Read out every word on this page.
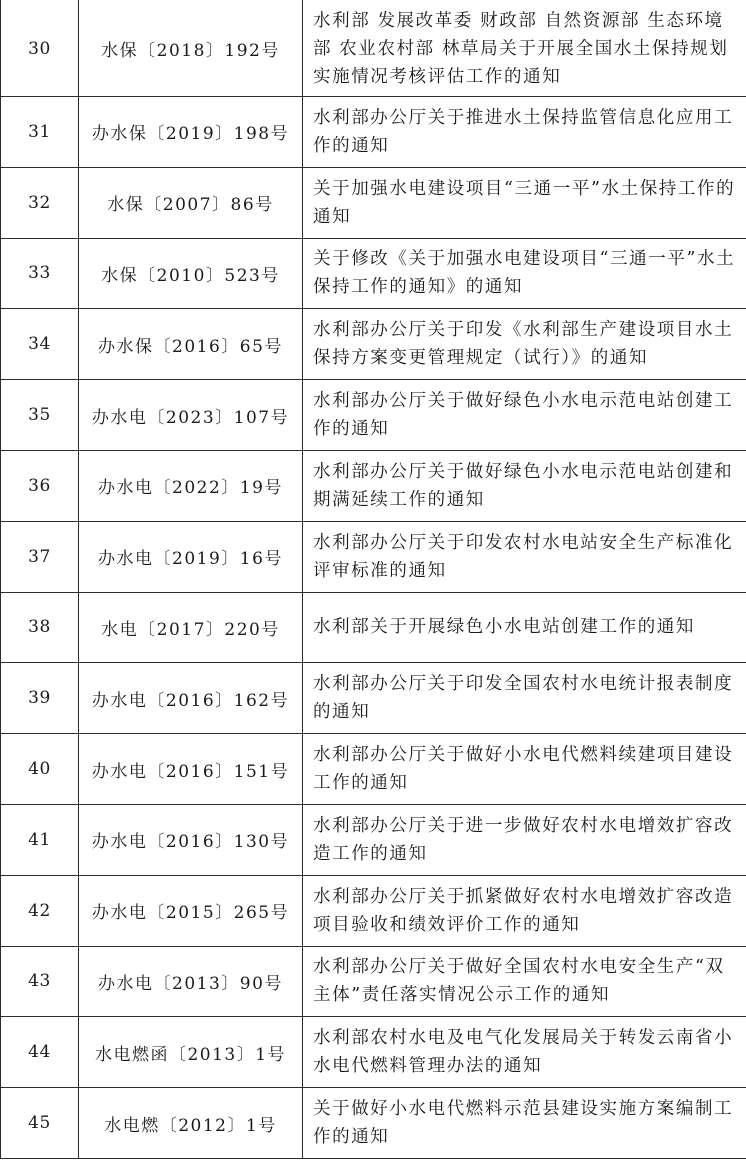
30	水保〔2018〕192号	水利部 发展改革委 财政部 自然资源部 生态环境部 农业农村部 林草局关于开展全国水土保持规划实施情况考核评估工作的通知
31	办水保〔2019〕198号	水利部办公厅关于推进水土保持监管信息化应用工作的通知
32	水保〔2007〕86号	关于加强水电建设项目“三通一平”水土保持工作的通知
33	水保〔2010〕523号	关于修改《关于加强水电建设项目“三通一平”水土保持工作的通知》的通知
34	办水保〔2016〕65号	水利部办公厅关于印发《水利部生产建设项目水土保持方案变更管理规定（试行）》的通知
35	办水电〔2023〕107号	水利部办公厅关于做好绿色小水电示范电站创建工作的通知
36	办水电〔2022〕19号	水利部办公厅关于做好绿色小水电示范电站创建和期满延续工作的通知
37	办水电〔2019〕16号	水利部办公厅关于印发农村水电站安全生产标准化评审标准的通知
38	水电〔2017〕220号	水利部关于开展绿色小水电站创建工作的通知
39	办水电〔2016〕162号	水利部办公厅关于印发全国农村水电统计报表制度的通知
40	办水电〔2016〕151号	水利部办公厅关于做好小水电代燃料续建项目建设工作的通知
41	办水电〔2016〕130号	水利部办公厅关于进一步做好农村水电增效扩容改造工作的通知
42	办水电〔2015〕265号	水利部办公厅关于抓紧做好农村水电增效扩容改造项目验收和绩效评价工作的通知
43	办水电〔2013〕90号	水利部办公厅关于做好全国农村水电安全生产“双主体”责任落实情况公示工作的通知
44	水电燃函〔2013〕1号	水利部农村水电及电气化发展局关于转发云南省小水电代燃料管理办法的通知
45	水电燃〔2012〕1号	关于做好小水电代燃料示范县建设实施方案编制工作的通知
